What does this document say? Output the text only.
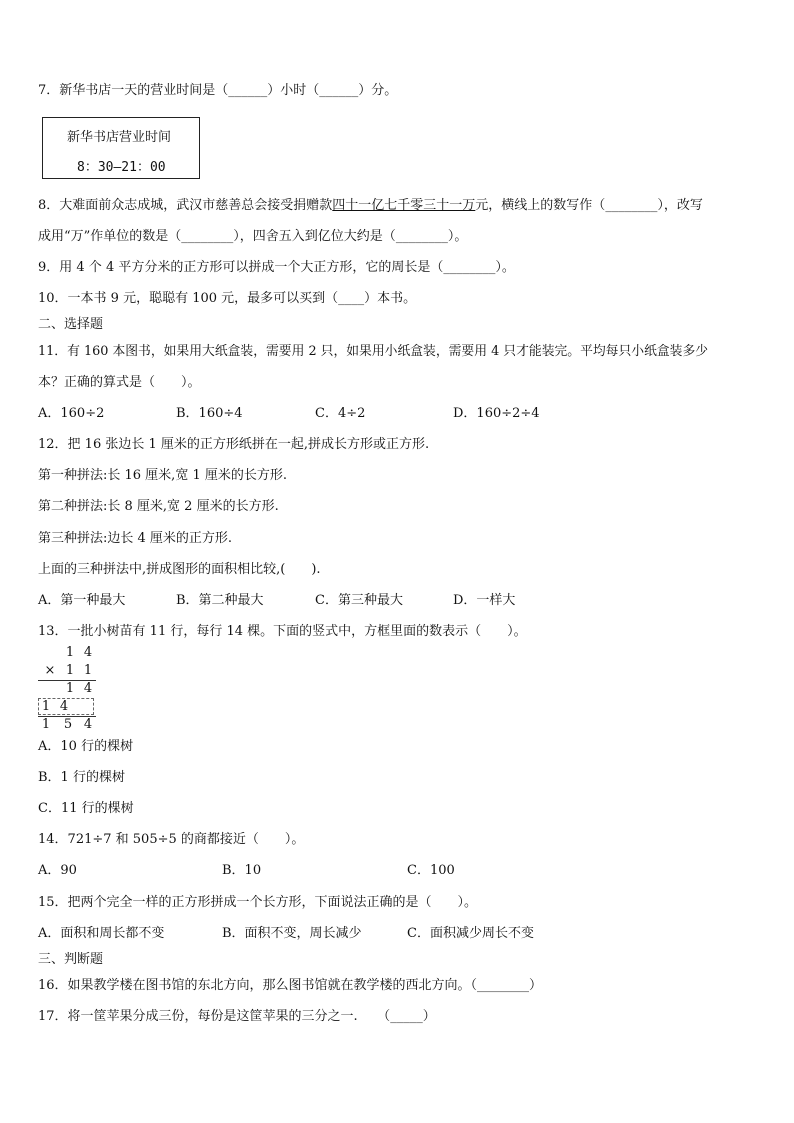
7．新华书店一天的营业时间是（______）小时（______）分。
新华书店营业时间
8：30—21：00
8．大难面前众志成城，武汉市慈善总会接受捐赠款四十一亿七千零三十一万元，横线上的数写作（________），改写
成用“万”作单位的数是（________），四舍五入到亿位大约是（________）。
9．用 4 个 4 平方分米的正方形可以拼成一个大正方形，它的周长是（________）。
10．一本书 9 元，聪聪有 100 元，最多可以买到（____）本书。
二、选择题
11．有 160 本图书，如果用大纸盒装，需要用 2 只，如果用小纸盒装，需要用 4 只才能装完。平均每只小纸盒装多少
本？正确的算式是（　　）。
A．160÷2	B．160÷4	C．4÷2	D．160÷2÷4
12．把 16 张边长 1 厘米的正方形纸拼在一起,拼成长方形或正方形.
第一种拼法:长 16 厘米,宽 1 厘米的长方形.
第二种拼法:长 8 厘米,宽 2 厘米的长方形.
第三种拼法:边长 4 厘米的正方形.
上面的三种拼法中,拼成图形的面积相比较,(　　).
A．第一种最大	B．第二种最大	C．第三种最大	D．一样大
13．一批小树苗有 11 行，每行 14 棵。下面的竖式中，方框里面的数表示（　　）。
1 4
× 1 1
1 4
1 4
1 5 4
A．10 行的棵树
B．1 行的棵树
C．11 行的棵树
14．721÷7 和 505÷5 的商都接近（　　）。
A．90	B．10	C．100
15．把两个完全一样的正方形拼成一个长方形，下面说法正确的是（　　）。
A．面积和周长都不变	B．面积不变，周长减少	C．面积减少周长不变
三、判断题
16．如果教学楼在图书馆的东北方向，那么图书馆就在教学楼的西北方向。（________）
17．将一筐苹果分成三份，每份是这筐苹果的三分之一.　　（_____）
